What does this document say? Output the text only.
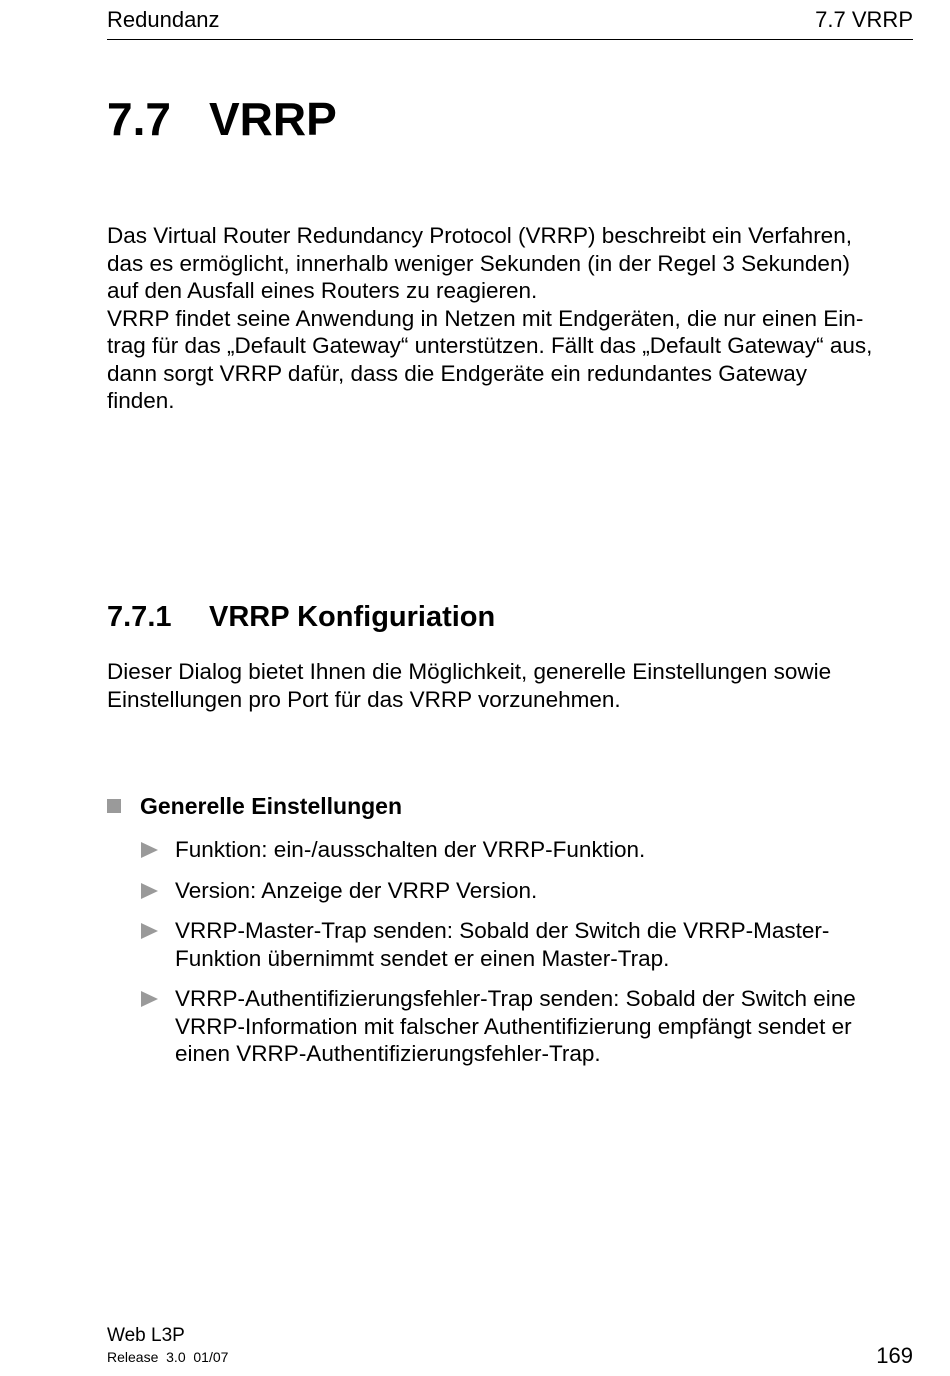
Redundanz	7.7 VRRP
7.7 VRRP

Das Virtual Router Redundancy Protocol (VRRP) beschreibt ein Verfahren,
das es ermöglicht, innerhalb weniger Sekunden (in der Regel 3 Sekunden)
auf den Ausfall eines Routers zu reagieren.
VRRP findet seine Anwendung in Netzen mit Endgeräten, die nur einen Ein-
trag für das „Default Gateway“ unterstützen. Fällt das „Default Gateway“ aus,
dann sorgt VRRP dafür, dass die Endgeräte ein redundantes Gateway
finden.

7.7.1 VRRP Konfiguriation

Dieser Dialog bietet Ihnen die Möglichkeit, generelle Einstellungen sowie
Einstellungen pro Port für das VRRP vorzunehmen.

Generelle Einstellungen
Funktion: ein-/ausschalten der VRRP-Funktion.
Version: Anzeige der VRRP Version.
VRRP-Master-Trap senden: Sobald der Switch die VRRP-Master-
Funktion übernimmt sendet er einen Master-Trap.
VRRP-Authentifizierungsfehler-Trap senden: Sobald der Switch eine
VRRP-Information mit falscher Authentifizierung empfängt sendet er
einen VRRP-Authentifizierungsfehler-Trap.
Web L3P
Release  3.0  01/07	169
